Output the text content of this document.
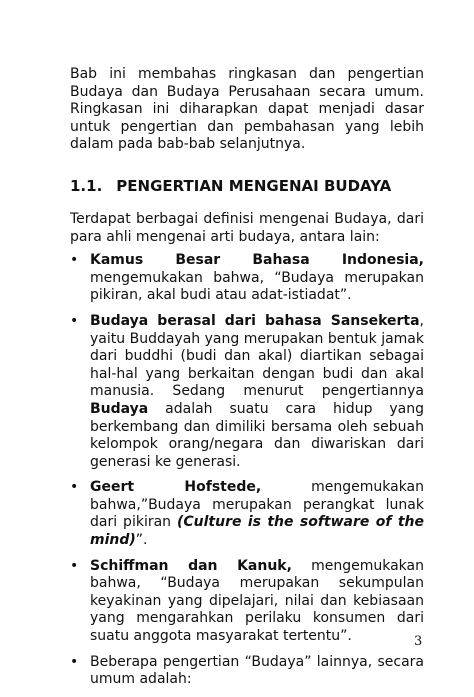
Bab ini membahas ringkasan dan pengertian Budaya dan Budaya Perusahaan secara umum. Ringkasan ini diharapkan dapat menjadi dasar untuk pengertian dan pembahasan yang lebih dalam pada bab-bab selanjutnya.

1.1. PENGERTIAN MENGENAI BUDAYA

Terdapat berbagai definisi mengenai Budaya, dari para ahli mengenai arti budaya, antara lain:

• Kamus Besar Bahasa Indonesia, mengemukakan bahwa, “Budaya merupakan pikiran, akal budi atau adat-istiadat”.
• Budaya berasal dari bahasa Sansekerta, yaitu Buddayah yang merupakan bentuk jamak dari buddhi (budi dan akal) diartikan sebagai hal-hal yang berkaitan dengan budi dan akal manusia. Sedang menurut pengertiannya Budaya adalah suatu cara hidup yang berkembang dan dimiliki bersama oleh sebuah kelompok orang/negara dan diwariskan dari generasi ke generasi.
• Geert Hofstede, mengemukakan bahwa,”Budaya merupakan perangkat lunak dari pikiran (Culture is the software of the mind)”.
• Schiffman dan Kanuk, mengemukakan bahwa, “Budaya merupakan sekumpulan keyakinan yang dipelajari, nilai dan kebiasaan yang mengarahkan perilaku konsumen dari suatu anggota masyarakat tertentu”.
• Beberapa pengertian “Budaya” lainnya, secara umum adalah:
3
